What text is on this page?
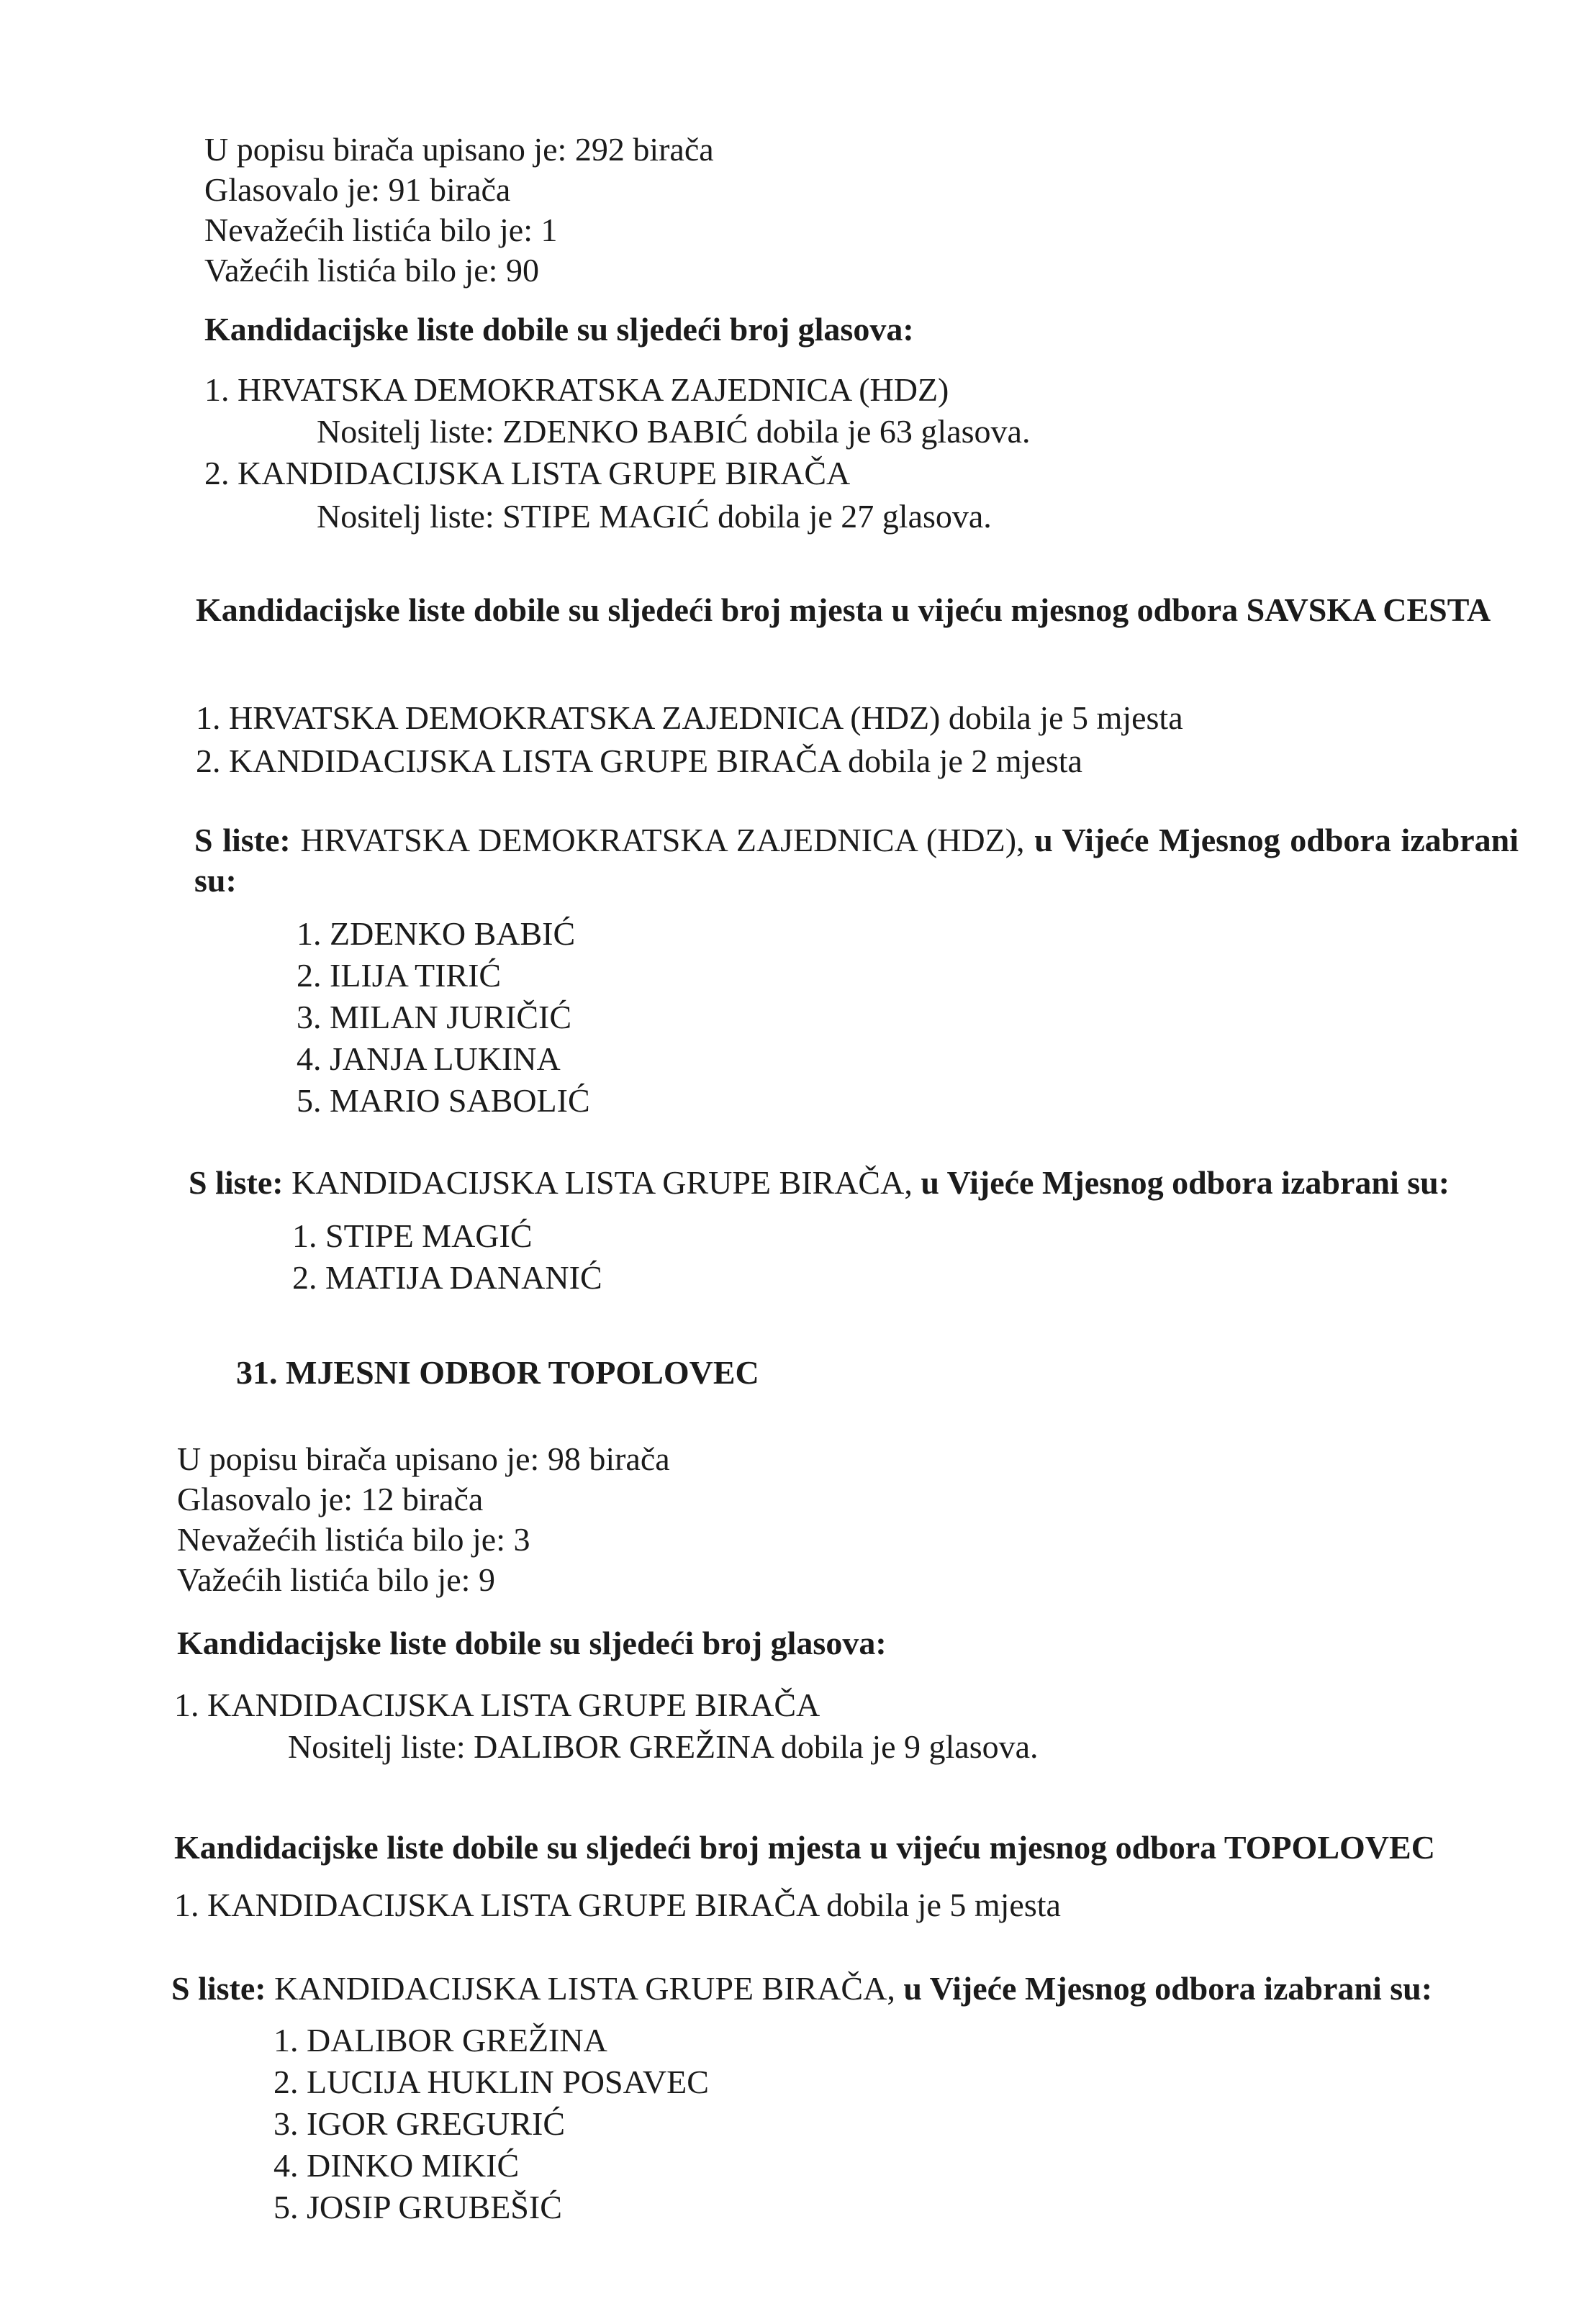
U popisu birača upisano je: 292 birača
Glasovalo je: 91 birača
Nevažećih listića bilo je: 1
Važećih listića bilo je: 90
Kandidacijske liste dobile su sljedeći broj glasova:
1. HRVATSKA DEMOKRATSKA ZAJEDNICA (HDZ)
Nositelj liste: ZDENKO BABIĆ dobila je 63 glasova.
2. KANDIDACIJSKA LISTA GRUPE BIRAČA
Nositelj liste: STIPE MAGIĆ dobila je 27 glasova.
Kandidacijske liste dobile su sljedeći broj mjesta u vijeću mjesnog odbora SAVSKA CESTA
1. HRVATSKA DEMOKRATSKA ZAJEDNICA (HDZ) dobila je 5 mjesta
2. KANDIDACIJSKA LISTA GRUPE BIRAČA dobila je 2 mjesta
S liste: HRVATSKA DEMOKRATSKA ZAJEDNICA (HDZ), u Vijeće Mjesnog odbora izabrani su:
1. ZDENKO BABIĆ
2. ILIJA TIRIĆ
3. MILAN JURIČIĆ
4. JANJA LUKINA
5. MARIO SABOLIĆ
S liste: KANDIDACIJSKA LISTA GRUPE BIRAČA, u Vijeće Mjesnog odbora izabrani su:
1. STIPE MAGIĆ
2. MATIJA DANANIĆ
31. MJESNI ODBOR TOPOLOVEC
U popisu birača upisano je: 98 birača
Glasovalo je: 12 birača
Nevažećih listića bilo je: 3
Važećih listića bilo je: 9
Kandidacijske liste dobile su sljedeći broj glasova:
1. KANDIDACIJSKA LISTA GRUPE BIRAČA
Nositelj liste: DALIBOR GREŽINA dobila je 9 glasova.
Kandidacijske liste dobile su sljedeći broj mjesta u vijeću mjesnog odbora TOPOLOVEC
1. KANDIDACIJSKA LISTA GRUPE BIRAČA dobila je 5 mjesta
S liste: KANDIDACIJSKA LISTA GRUPE BIRAČA, u Vijeće Mjesnog odbora izabrani su:
1. DALIBOR GREŽINA
2. LUCIJA HUKLIN POSAVEC
3. IGOR GREGURIĆ
4. DINKO MIKIĆ
5. JOSIP GRUBEŠIĆ
